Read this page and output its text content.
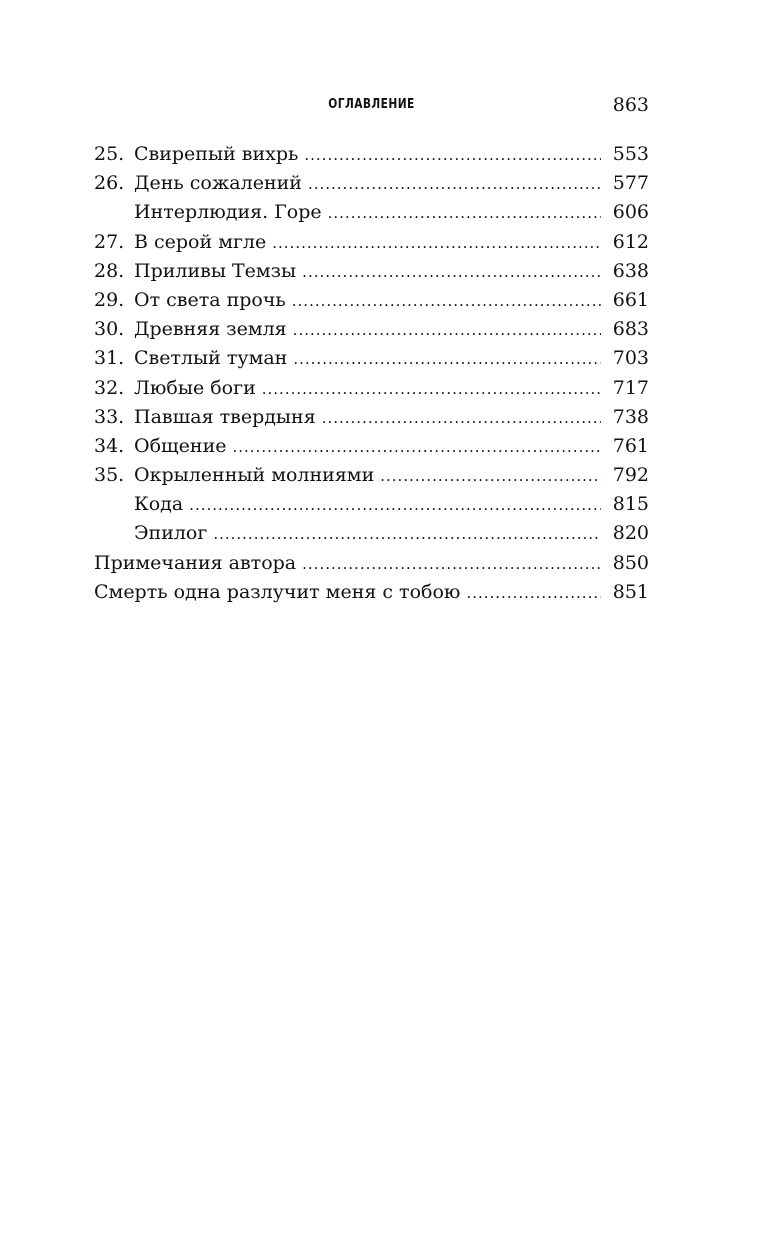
ОГЛАВЛЕНИЕ	863
25. Свирепый вихрь .....	553
26. День сожалений .....	577
Интерлюдия. Горе .....	606
27. В серой мгле .....	612
28. Приливы Темзы .....	638
29. От света прочь .....	661
30. Древняя земля .....	683
31. Светлый туман .....	703
32. Любые боги .....	717
33. Павшая твердыня .....	738
34. Общение .....	761
35. Окрыленный молниями .....	792
Кода .....	815
Эпилог .....	820
Примечания автора .....	850
Смерть одна разлучит меня с тобою .....	851
